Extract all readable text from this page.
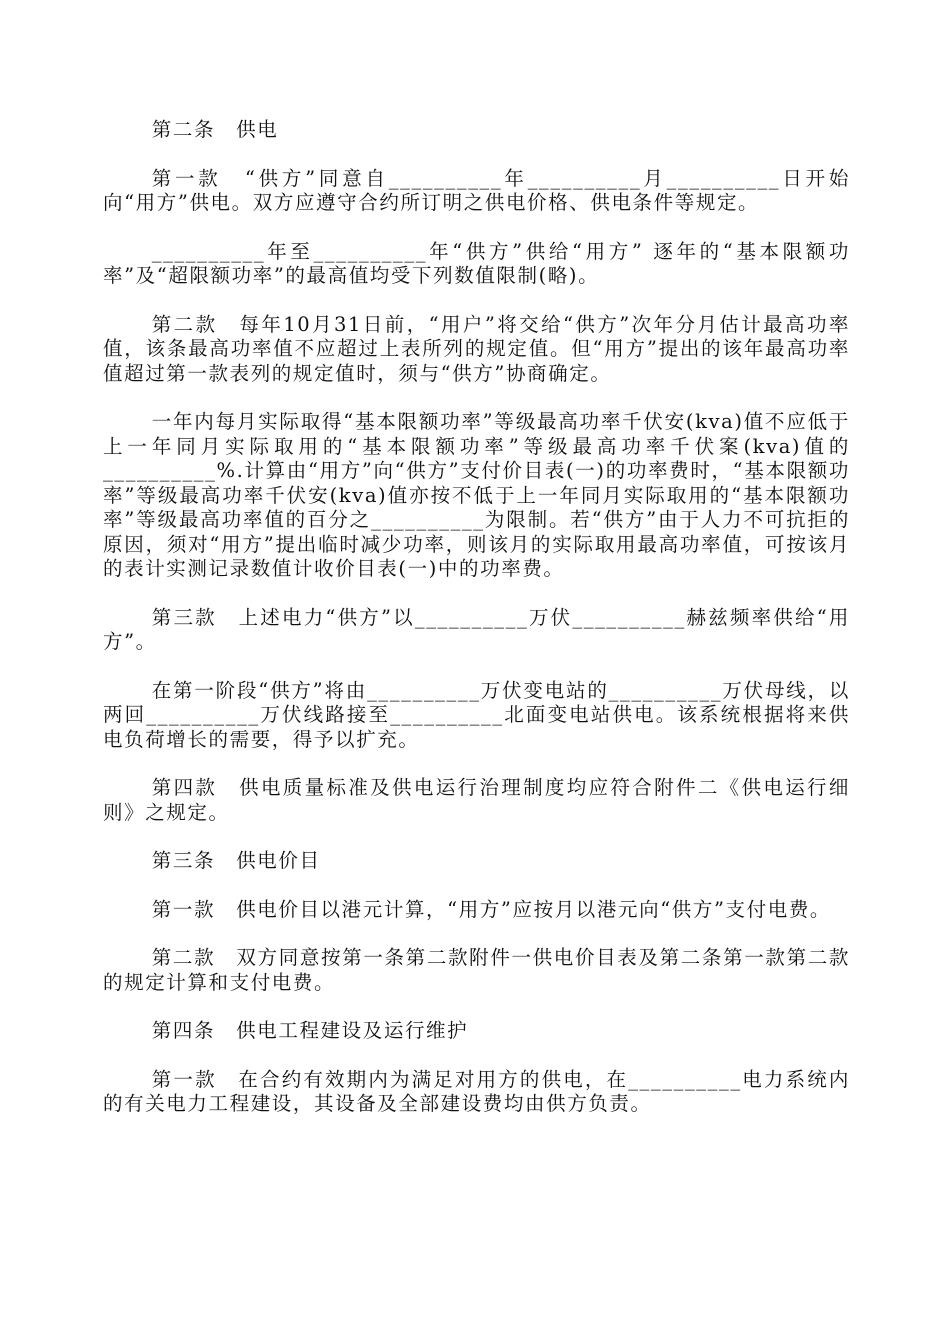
第二条　供电
第一款　“供方”同意自__________年__________月__________日开始向“用方”供电。双方应遵守合约所订明之供电价格、供电条件等规定。
__________年至__________年“供方”供给“用方” 逐年的“基本限额功率”及“超限额功率”的最高值均受下列数值限制(略)。
第二款　每年10月31日前，“用户”将交给“供方”次年分月估计最高功率值，该条最高功率值不应超过上表所列的规定值。但“用方”提出的该年最高功率值超过第一款表列的规定值时，须与“供方”协商确定。
一年内每月实际取得“基本限额功率”等级最高功率千伏安(kva)值不应低于上一年同月实际取用的“基本限额功率”等级最高功率千伏案(kva)值的__________%.计算由“用方”向“供方”支付价目表(一)的功率费时，“基本限额功率”等级最高功率千伏安(kva)值亦按不低于上一年同月实际取用的“基本限额功率”等级最高功率值的百分之__________为限制。若“供方”由于人力不可抗拒的原因，须对“用方”提出临时减少功率，则该月的实际取用最高功率值，可按该月的表计实测记录数值计收价目表(一)中的功率费。
第三款　上述电力“供方”以__________万伏__________赫兹频率供给“用方”。
在第一阶段“供方”将由__________万伏变电站的__________万伏母线，以两回__________万伏线路接至__________北面变电站供电。该系统根据将来供电负荷增长的需要，得予以扩充。
第四款　供电质量标准及供电运行治理制度均应符合附件二《供电运行细则》之规定。
第三条　供电价目
第一款　供电价目以港元计算，“用方”应按月以港元向“供方”支付电费。
第二款　双方同意按第一条第二款附件一供电价目表及第二条第一款第二款的规定计算和支付电费。
第四条　供电工程建设及运行维护
第一款　在合约有效期内为满足对用方的供电，在__________电力系统内的有关电力工程建设，其设备及全部建设费均由供方负责。
